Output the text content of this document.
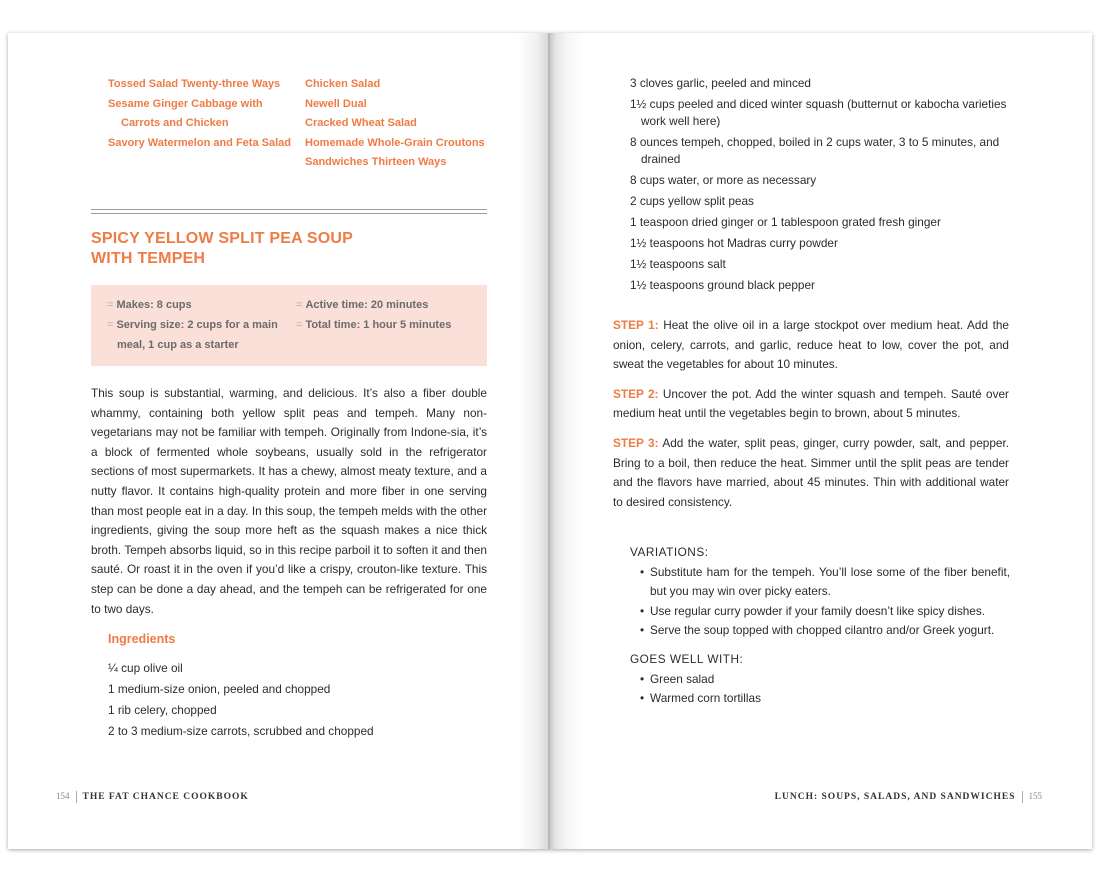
Tossed Salad Twenty-three Ways
Sesame Ginger Cabbage with Carrots and Chicken
Savory Watermelon and Feta Salad
Chicken Salad
Newell Dual
Cracked Wheat Salad
Homemade Whole-Grain Croutons
Sandwiches Thirteen Ways
SPICY YELLOW SPLIT PEA SOUP
WITH TEMPEH
= Makes: 8 cups
= Serving size: 2 cups for a main meal, 1 cup as a starter
= Active time: 20 minutes
= Total time: 1 hour 5 minutes
This soup is substantial, warming, and delicious. It’s also a fiber double whammy, containing both yellow split peas and tempeh. Many non-vegetarians may not be familiar with tempeh. Originally from Indone-sia, it’s a block of fermented whole soybeans, usually sold in the refrigerator sections of most supermarkets. It has a chewy, almost meaty texture, and a nutty flavor. It contains high-quality protein and more fiber in one serving than most people eat in a day. In this soup, the tempeh melds with the other ingredients, giving the soup more heft as the squash makes a nice thick broth. Tempeh absorbs liquid, so in this recipe parboil it to soften it and then sauté. Or roast it in the oven if you’d like a crispy, crouton-like texture. This step can be done a day ahead, and the tempeh can be refrigerated for one to two days.
Ingredients
¼ cup olive oil
1 medium-size onion, peeled and chopped
1 rib celery, chopped
2 to 3 medium-size carrots, scrubbed and chopped
154 THE FAT CHANCE COOKBOOK
3 cloves garlic, peeled and minced
1½ cups peeled and diced winter squash (butternut or kabocha varieties work well here)
8 ounces tempeh, chopped, boiled in 2 cups water, 3 to 5 minutes, and drained
8 cups water, or more as necessary
2 cups yellow split peas
1 teaspoon dried ginger or 1 tablespoon grated fresh ginger
1½ teaspoons hot Madras curry powder
1½ teaspoons salt
1½ teaspoons ground black pepper
STEP 1: Heat the olive oil in a large stockpot over medium heat. Add the onion, celery, carrots, and garlic, reduce heat to low, cover the pot, and sweat the vegetables for about 10 minutes.
STEP 2: Uncover the pot. Add the winter squash and tempeh. Sauté over medium heat until the vegetables begin to brown, about 5 minutes.
STEP 3: Add the water, split peas, ginger, curry powder, salt, and pepper. Bring to a boil, then reduce the heat. Simmer until the split peas are tender and the flavors have married, about 45 minutes. Thin with additional water to desired consistency.
VARIATIONS:
• Substitute ham for the tempeh. You’ll lose some of the fiber benefit, but you may win over picky eaters.
• Use regular curry powder if your family doesn’t like spicy dishes.
• Serve the soup topped with chopped cilantro and/or Greek yogurt.
GOES WELL WITH:
• Green salad
• Warmed corn tortillas
LUNCH: SOUPS, SALADS, AND SANDWICHES 155
